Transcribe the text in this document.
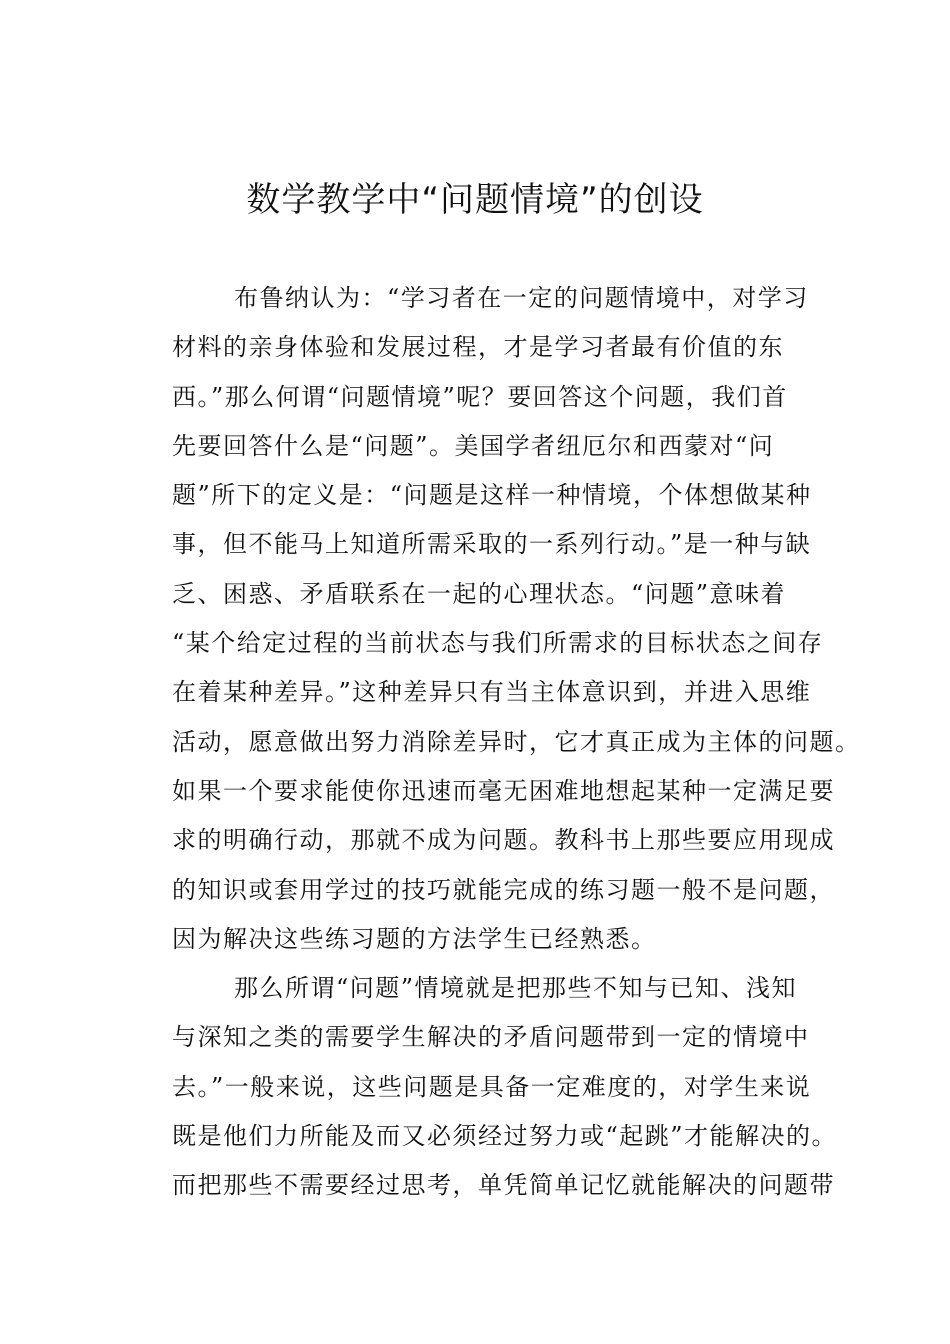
数学教学中“问题情境”的创设
布鲁纳认为：“学习者在一定的问题情境中，对学习
材料的亲身体验和发展过程，才是学习者最有价值的东
西。”那么何谓“问题情境”呢？要回答这个问题，我们首
先要回答什么是“问题”。美国学者纽厄尔和西蒙对“问
题”所下的定义是：“问题是这样一种情境，个体想做某种
事，但不能马上知道所需采取的一系列行动。”是一种与缺
乏、困惑、矛盾联系在一起的心理状态。“问题”意味着
“某个给定过程的当前状态与我们所需求的目标状态之间存
在着某种差异。”这种差异只有当主体意识到，并进入思维
活动，愿意做出努力消除差异时，它才真正成为主体的问题。
如果一个要求能使你迅速而毫无困难地想起某种一定满足要
求的明确行动，那就不成为问题。教科书上那些要应用现成
的知识或套用学过的技巧就能完成的练习题一般不是问题，
因为解决这些练习题的方法学生已经熟悉。
那么所谓“问题”情境就是把那些不知与已知、浅知
与深知之类的需要学生解决的矛盾问题带到一定的情境中
去。”一般来说，这些问题是具备一定难度的，对学生来说
既是他们力所能及而又必须经过努力或“起跳”才能解决的。
而把那些不需要经过思考，单凭简单记忆就能解决的问题带
